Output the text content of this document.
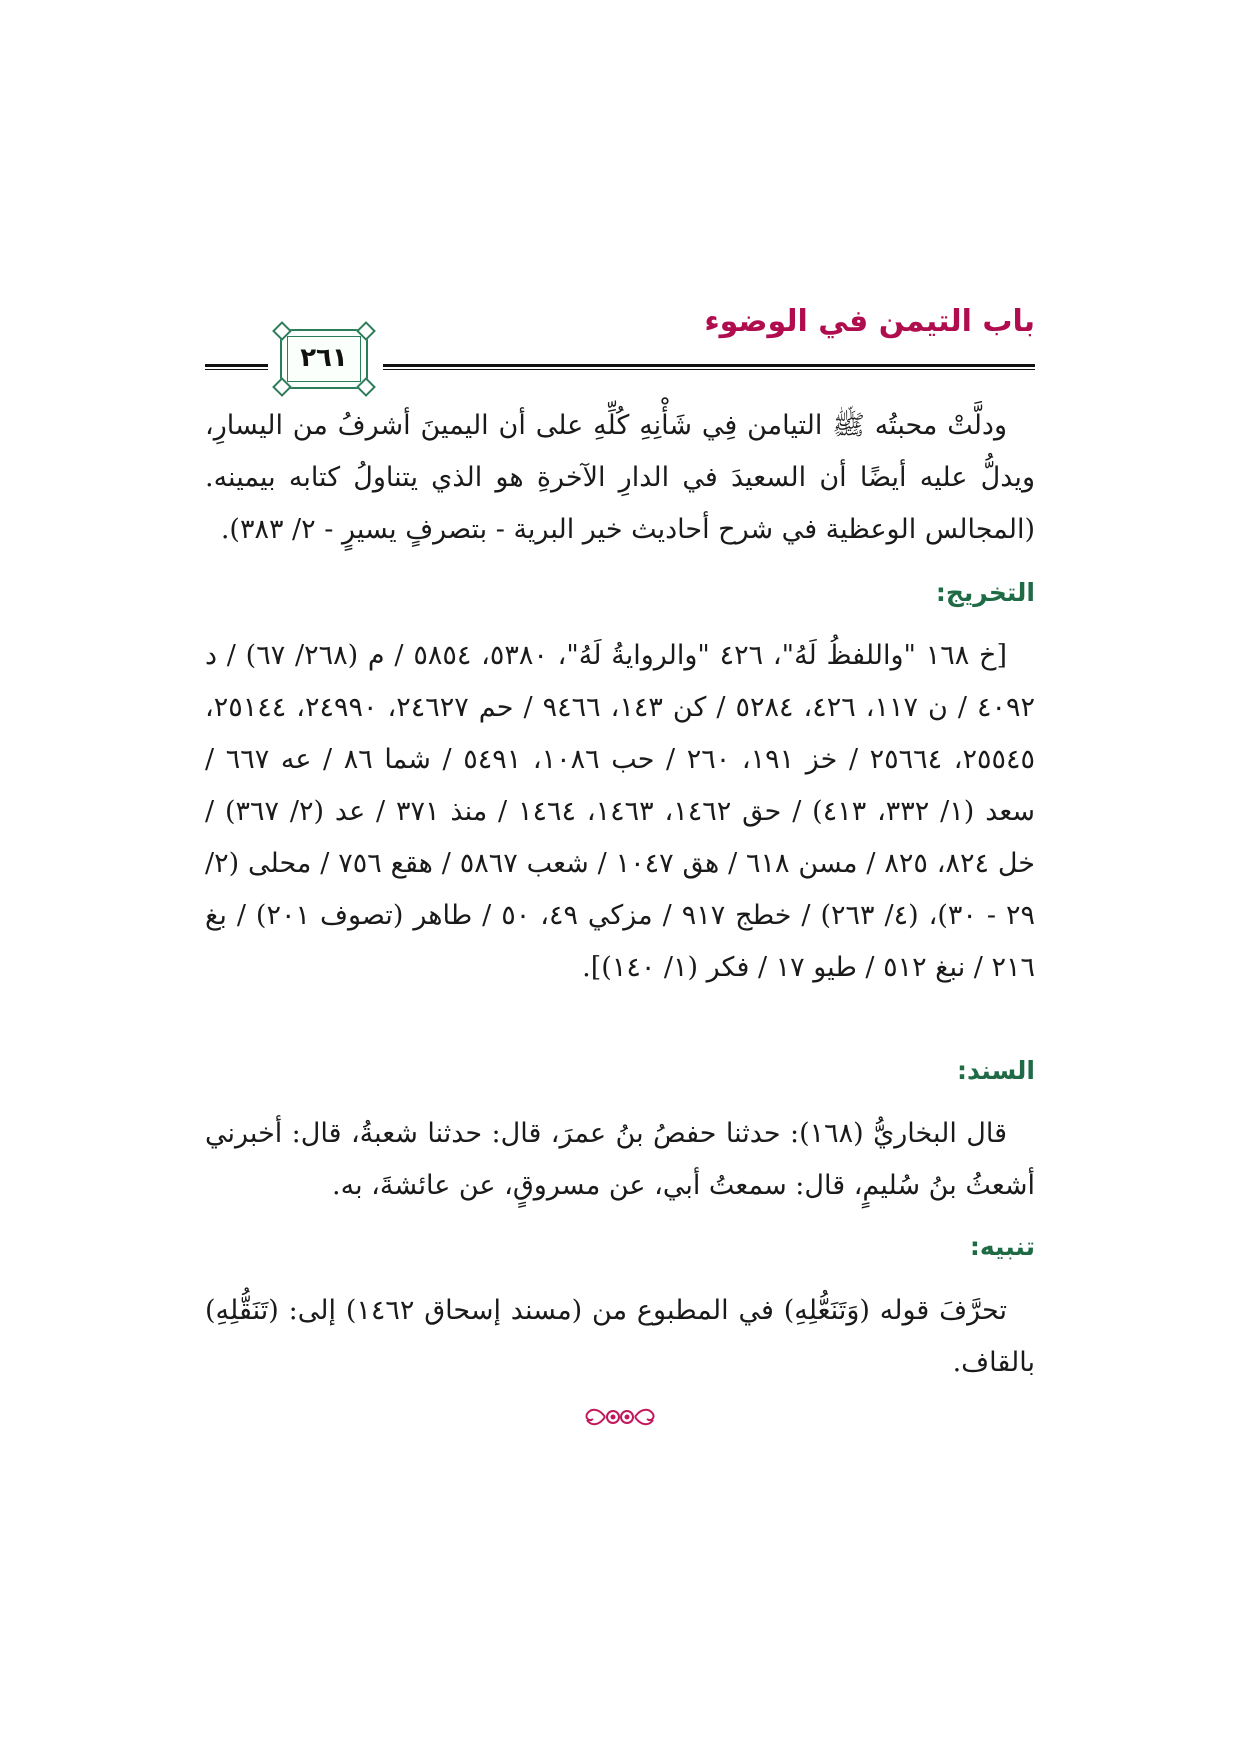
باب التيمن في الوضوء
٢٦١

ودلَّتْ محبتُه ﷺ التيامن فِي شَأْنِهِ كُلِّهِ على أن اليمينَ أشرفُ من اليسارِ، ويدلُّ عليه أيضًا أن السعيدَ في الدارِ الآخرةِ هو الذي يتناولُ كتابه بيمينه. (المجالس الوعظية في شرح أحاديث خير البرية - بتصرفٍ يسيرٍ - ٢/ ٣٨٣).

التخريج:

[خ ١٦٨ "واللفظُ لَهُ"، ٤٢٦ "والروايةُ لَهُ"، ٥٣٨٠، ٥٨٥٤ / م (٢٦٨/ ٦٧) / د ٤٠٩٢ / ن ١١٧، ٤٢٦، ٥٢٨٤ / كن ١٤٣، ٩٤٦٦ / حم ٢٤٦٢٧، ٢٤٩٩٠، ٢٥١٤٤، ٢٥٥٤٥، ٢٥٦٦٤ / خز ١٩١، ٢٦٠ / حب ١٠٨٦، ٥٤٩١ / شما ٨٦ / عه ٦٦٧ / سعد (١/ ٣٣٢، ٤١٣) / حق ١٤٦٢، ١٤٦٣، ١٤٦٤ / منذ ٣٧١ / عد (٢/ ٣٦٧) / خل ٨٢٤، ٨٢٥ / مسن ٦١٨ / هق ١٠٤٧ / شعب ٥٨٦٧ / هقع ٧٥٦ / محلى (٢/ ٢٩ - ٣٠)، (٤/ ٢٦٣) / خطج ٩١٧ / مزكي ٤٩، ٥٠ / طاهر (تصوف ٢٠١) / بغ ٢١٦ / نبغ ٥١٢ / طيو ١٧ / فكر (١/ ١٤٠)].

السند:

قال البخاريُّ (١٦٨): حدثنا حفصُ بنُ عمرَ، قال: حدثنا شعبةُ، قال: أخبرني أشعثُ بنُ سُليمٍ، قال: سمعتُ أبي، عن مسروقٍ، عن عائشةَ، به.

تنبيه:

تحرَّفَ قوله (وَتَنَعُّلِهِ) في المطبوع من (مسند إسحاق ١٤٦٢) إلى: (تَنَقُّلِهِ) بالقاف.
